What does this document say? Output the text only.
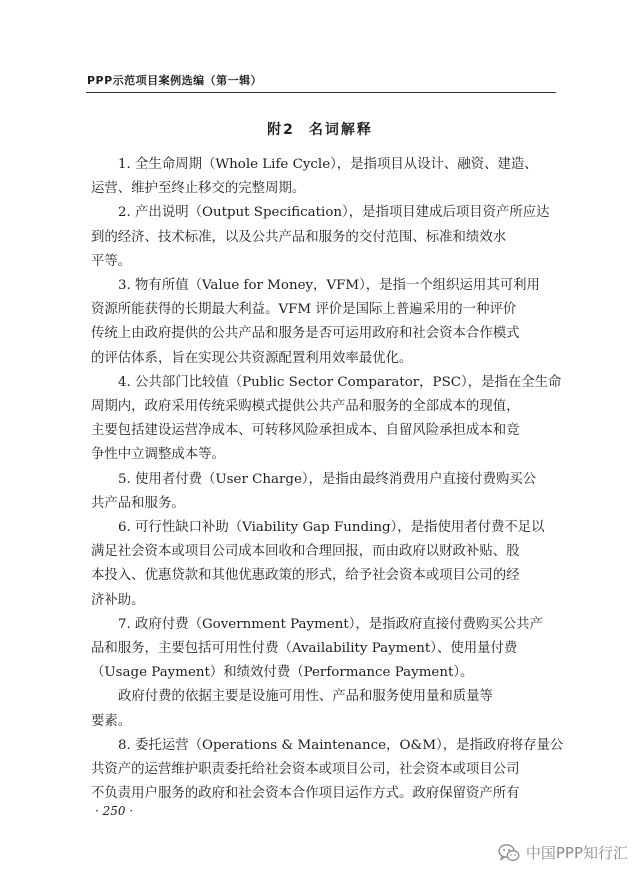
PPP示范项目案例选编（第一辑）
附2 名词解释
1. 全生命周期（Whole Life Cycle），是指项目从设计、融资、建造、
运营、维护至终止移交的完整周期。
2. 产出说明（Output Specification），是指项目建成后项目资产所应达
到的经济、技术标准，以及公共产品和服务的交付范围、标准和绩效水
平等。
3. 物有所值（Value for Money，VFM），是指一个组织运用其可利用
资源所能获得的长期最大利益。VFM 评价是国际上普遍采用的一种评价
传统上由政府提供的公共产品和服务是否可运用政府和社会资本合作模式
的评估体系，旨在实现公共资源配置利用效率最优化。
4. 公共部门比较值（Public Sector Comparator，PSC），是指在全生命
周期内，政府采用传统采购模式提供公共产品和服务的全部成本的现值，
主要包括建设运营净成本、可转移风险承担成本、自留风险承担成本和竞
争性中立调整成本等。
5. 使用者付费（User Charge），是指由最终消费用户直接付费购买公
共产品和服务。
6. 可行性缺口补助（Viability Gap Funding），是指使用者付费不足以
满足社会资本或项目公司成本回收和合理回报，而由政府以财政补贴、股
本投入、优惠贷款和其他优惠政策的形式，给予社会资本或项目公司的经
济补助。
7. 政府付费（Government Payment），是指政府直接付费购买公共产
品和服务，主要包括可用性付费（Availability Payment）、使用量付费
（Usage Payment）和绩效付费（Performance Payment）。
政府付费的依据主要是设施可用性、产品和服务使用量和质量等
要素。
8. 委托运营（Operations & Maintenance，O&M），是指政府将存量公
共资产的运营维护职责委托给社会资本或项目公司，社会资本或项目公司
不负责用户服务的政府和社会资本合作项目运作方式。政府保留资产所有
· 250 ·
中国PPP知行汇
